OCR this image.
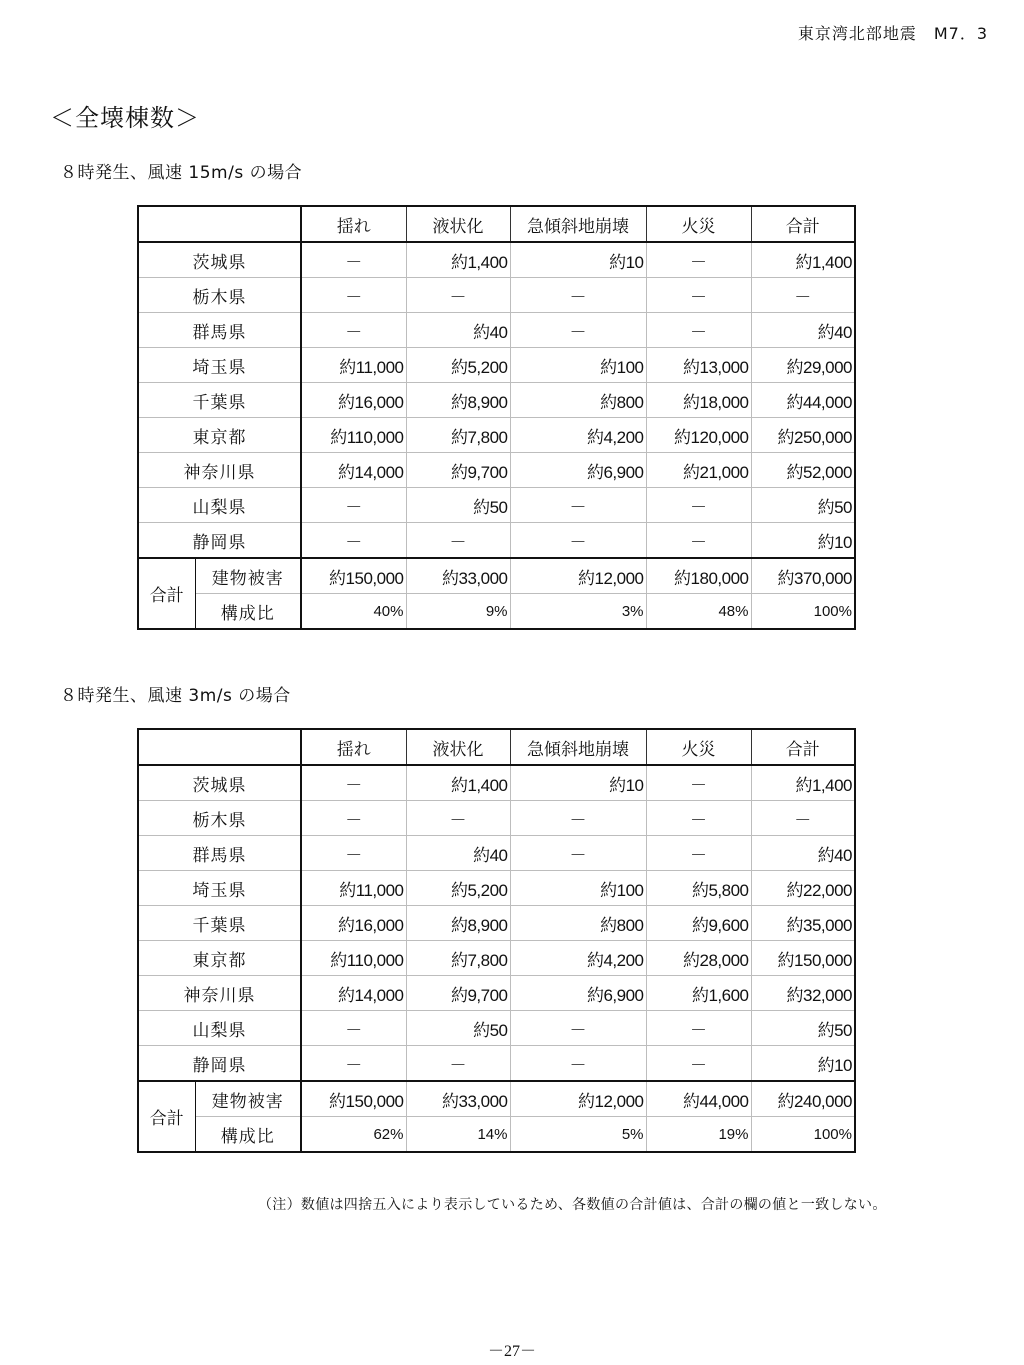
東京湾北部地震　M7．3
＜全壊棟数＞
８時発生、風速 15m/s の場合
		揺れ	液状化	急傾斜地崩壊	火災	合計
茨城県		－	約1,400	約10	－	約1,400
栃木県		－	－	－	－	－
群馬県		－	約40	－	－	約40
埼玉県		約11,000	約5,200	約100	約13,000	約29,000
千葉県		約16,000	約8,900	約800	約18,000	約44,000
東京都		約110,000	約7,800	約4,200	約120,000	約250,000
神奈川県		約14,000	約9,700	約6,900	約21,000	約52,000
山梨県		－	約50	－	－	約50
静岡県		－	－	－	－	約10
合計	建物被害	約150,000	約33,000	約12,000	約180,000	約370,000
	構成比	40%	9%	3%	48%	100%
８時発生、風速 3m/s の場合
		揺れ	液状化	急傾斜地崩壊	火災	合計
茨城県		－	約1,400	約10	－	約1,400
栃木県		－	－	－	－	－
群馬県		－	約40	－	－	約40
埼玉県		約11,000	約5,200	約100	約5,800	約22,000
千葉県		約16,000	約8,900	約800	約9,600	約35,000
東京都		約110,000	約7,800	約4,200	約28,000	約150,000
神奈川県		約14,000	約9,700	約6,900	約1,600	約32,000
山梨県		－	約50	－	－	約50
静岡県		－	－	－	－	約10
合計	建物被害	約150,000	約33,000	約12,000	約44,000	約240,000
	構成比	62%	14%	5%	19%	100%
（注）数値は四捨五入により表示しているため、各数値の合計値は、合計の欄の値と一致しない。
－27－
